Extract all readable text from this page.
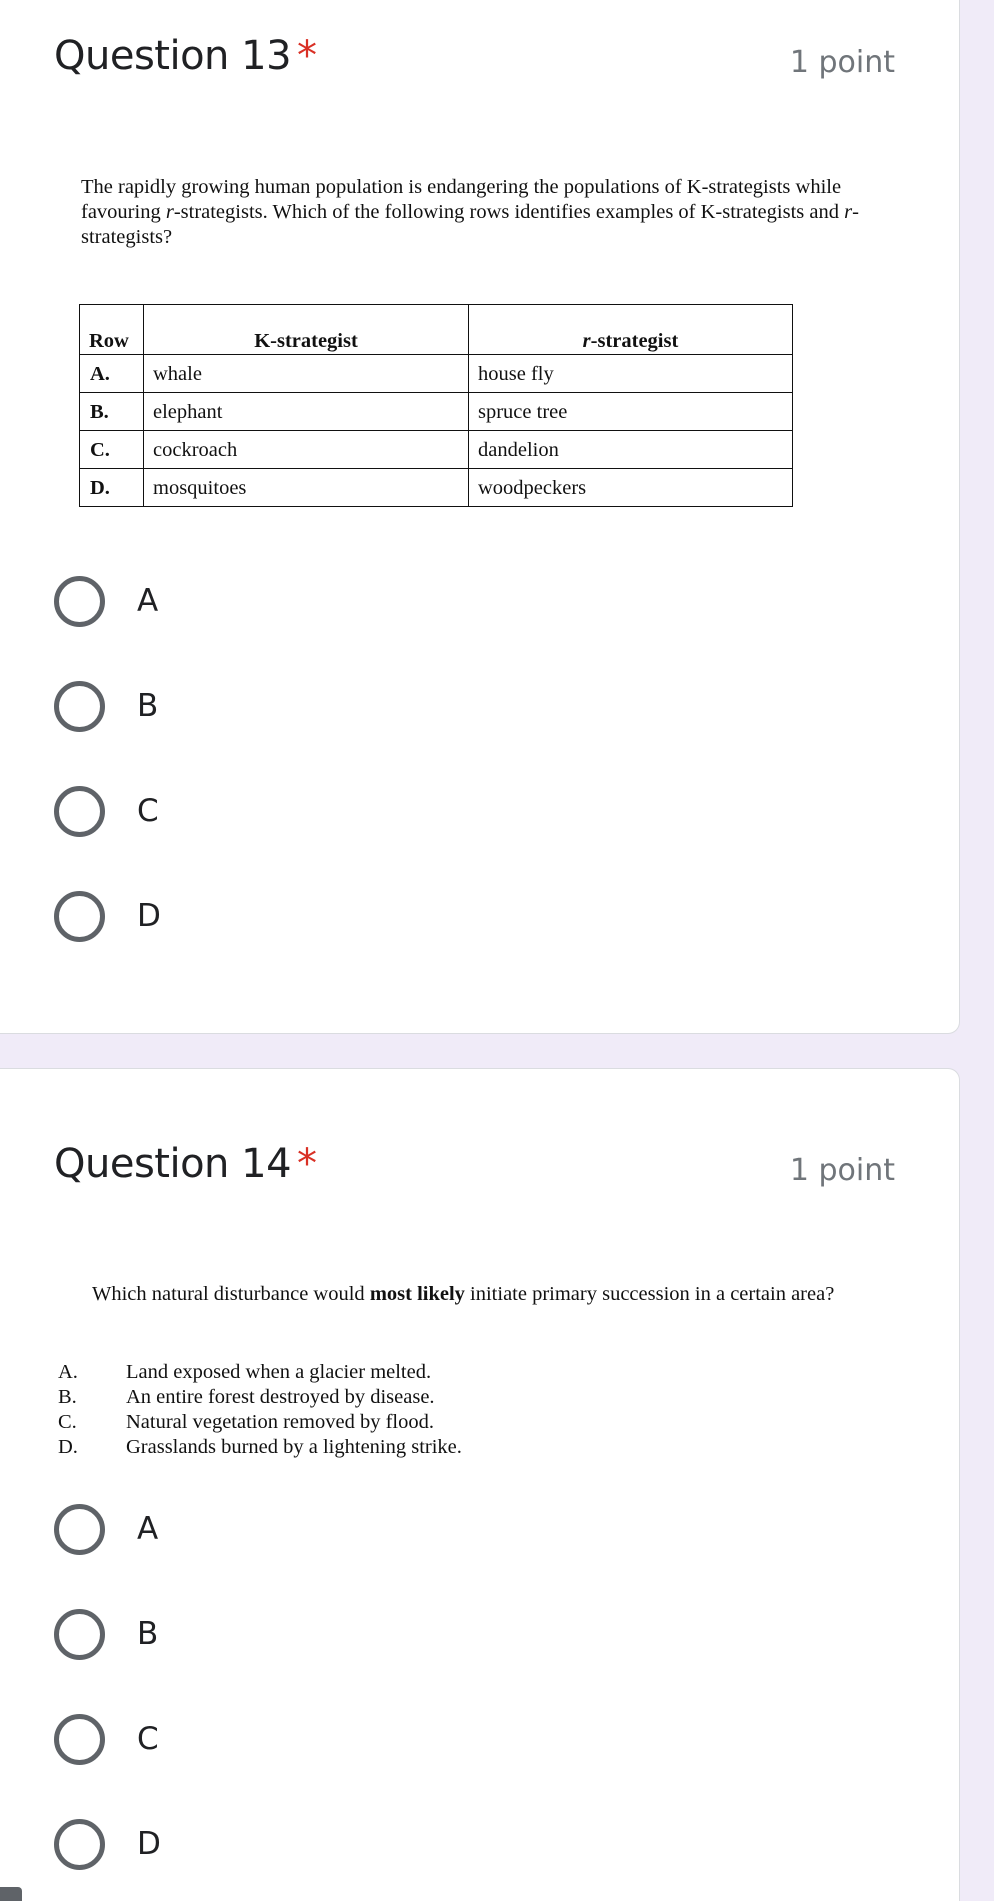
Question 13 *	1 point
The rapidly growing human population is endangering the populations of K-strategists while favouring r-strategists. Which of the following rows identifies examples of K-strategists and r-strategists?
Row	K-strategist	r-strategist
A.	whale	house fly
B.	elephant	spruce tree
C.	cockroach	dandelion
D.	mosquitoes	woodpeckers
A
B
C
D
Question 14 *	1 point
Which natural disturbance would most likely initiate primary succession in a certain area?
A.	Land exposed when a glacier melted.
B.	An entire forest destroyed by disease.
C.	Natural vegetation removed by flood.
D.	Grasslands burned by a lightening strike.
A
B
C
D
